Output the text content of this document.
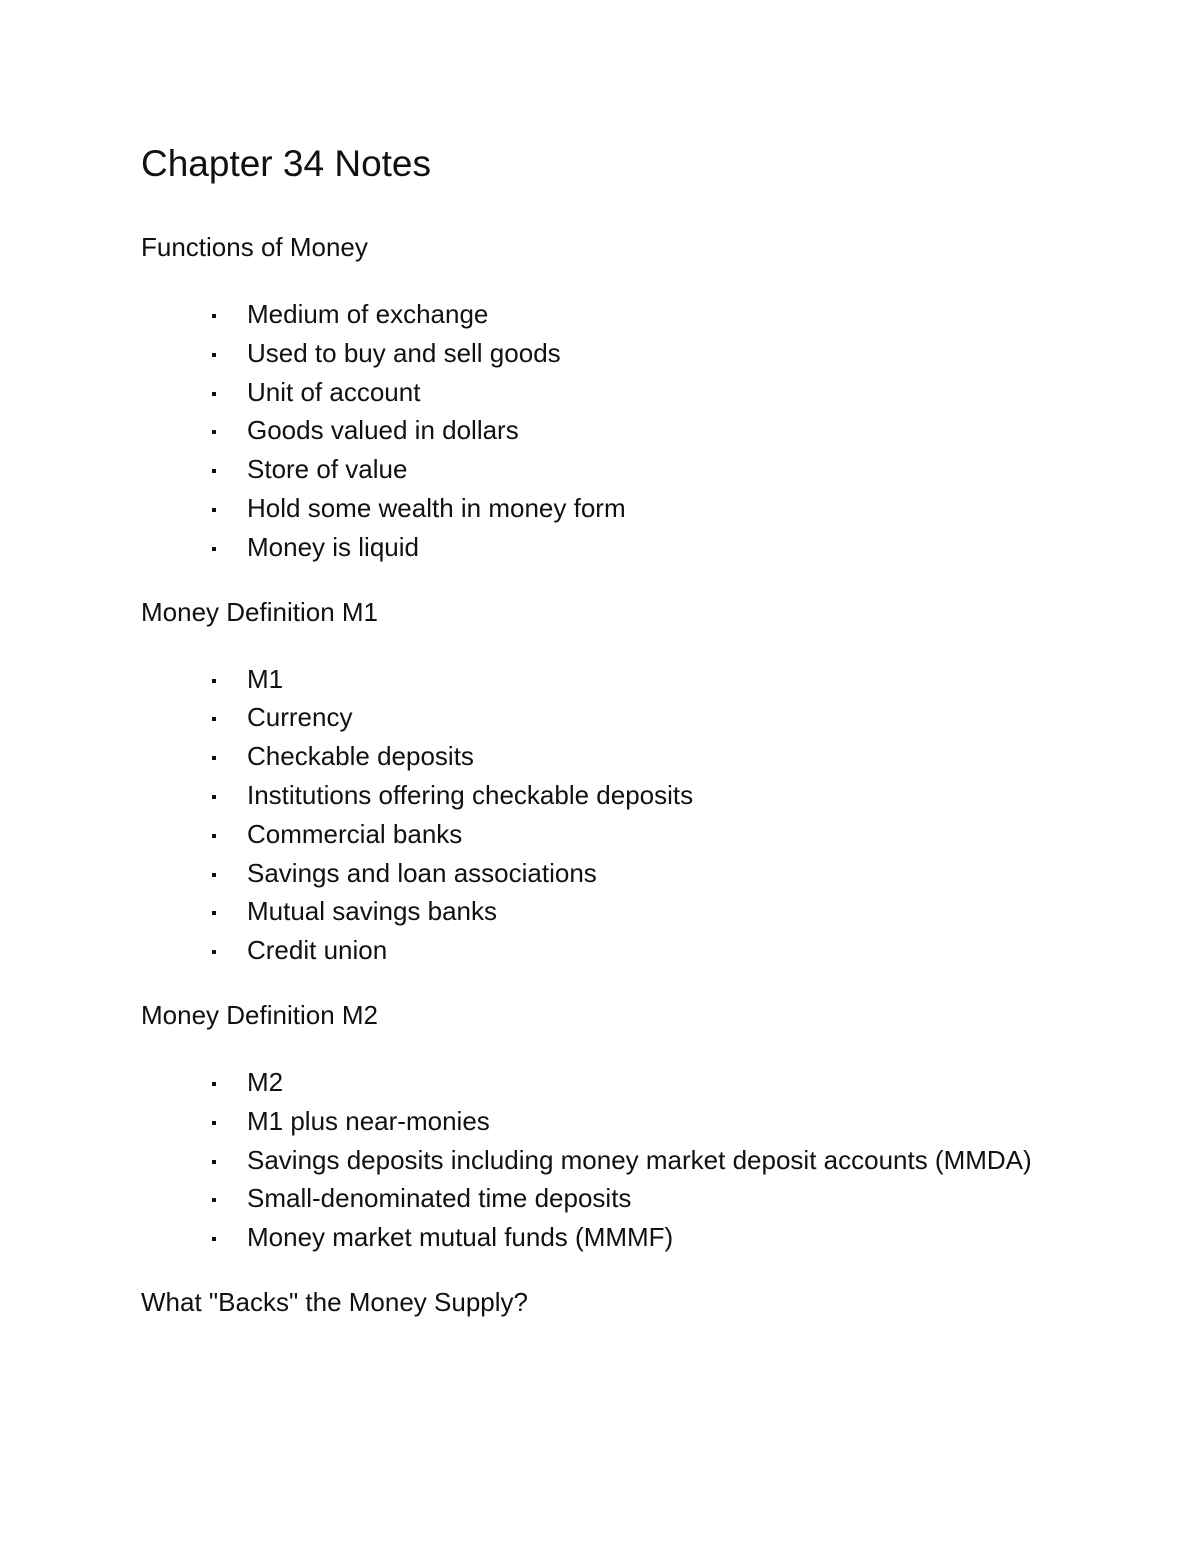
Chapter 34 Notes
Functions of Money
Medium of exchange
Used to buy and sell goods
Unit of account
Goods valued in dollars
Store of value
Hold some wealth in money form
Money is liquid
Money Definition M1
M1
Currency
Checkable deposits
Institutions offering checkable deposits
Commercial banks
Savings and loan associations
Mutual savings banks
Credit union
Money Definition M2
M2
M1 plus near-monies
Savings deposits including money market deposit accounts (MMDA)
Small-denominated time deposits
Money market mutual funds (MMMF)
What "Backs" the Money Supply?
